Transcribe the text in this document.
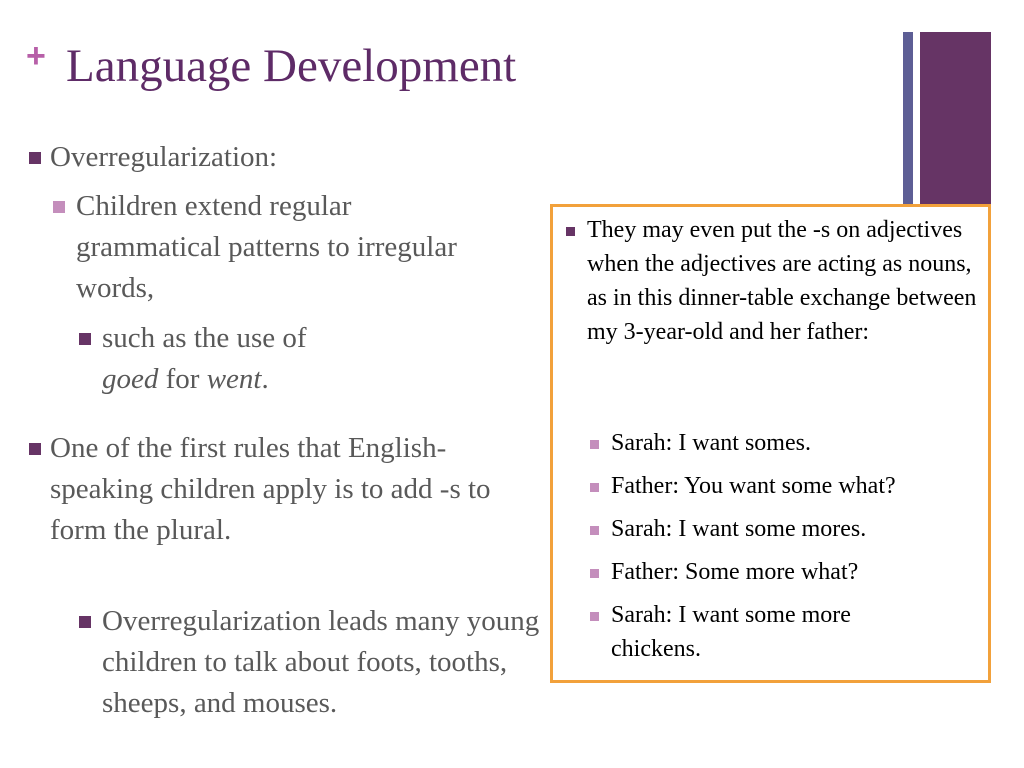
+ Language Development
Overregularization:
Children extend regular grammatical patterns to irregular words,
such as the use of
goed for went.
One of the first rules that English-speaking children apply is to add -s to form the plural.
Overregularization leads many young children to talk about foots, tooths, sheeps, and mouses.
They may even put the -s on adjectives when the adjectives are acting as nouns, as in this dinner-table exchange between my 3-year-old and her father:
Sarah: I want somes.
Father: You want some what?
Sarah: I want some mores.
Father: Some more what?
Sarah: I want some more chickens.
